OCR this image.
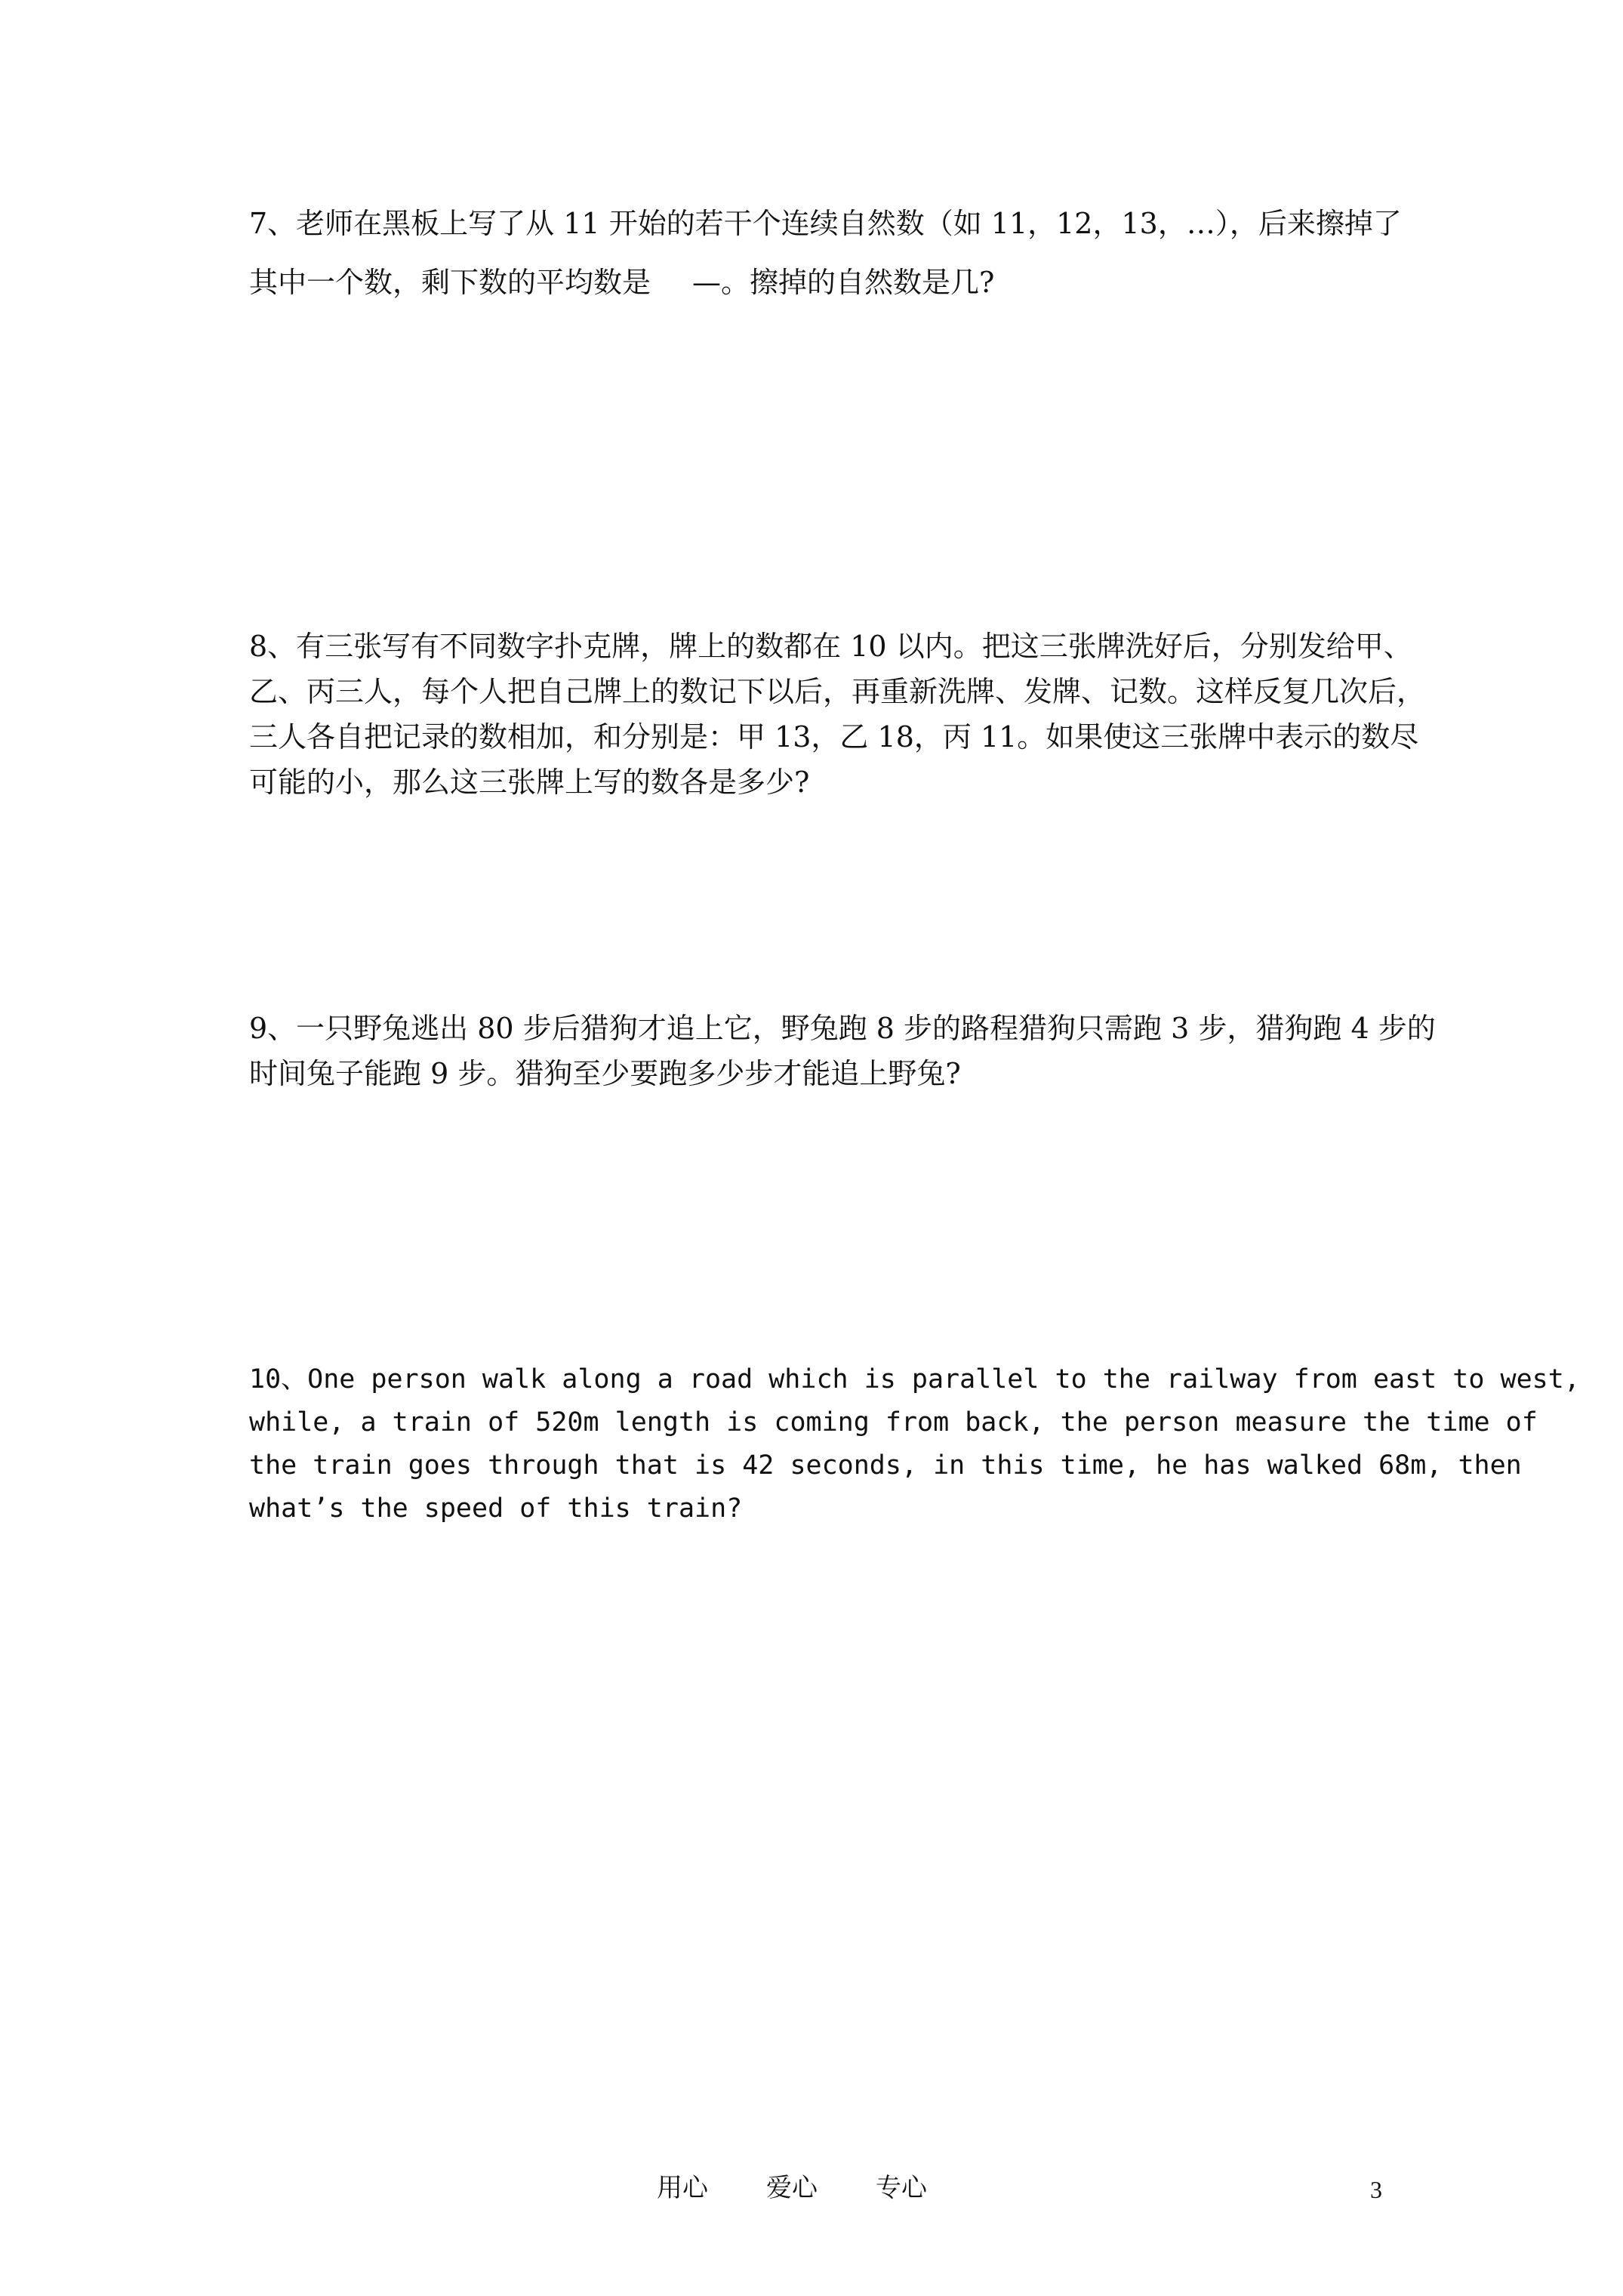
7、老师在黑板上写了从 11 开始的若干个连续自然数（如 11，12，13，…），后来擦掉了
其中一个数，剩下数的平均数是 —。擦掉的自然数是几?
8、有三张写有不同数字扑克牌，牌上的数都在 10 以内。把这三张牌洗好后，分别发给甲、
乙、丙三人，每个人把自己牌上的数记下以后，再重新洗牌、发牌、记数。这样反复几次后，
三人各自把记录的数相加，和分别是：甲 13，乙 18，丙 11。如果使这三张牌中表示的数尽
可能的小，那么这三张牌上写的数各是多少?
9、一只野兔逃出 80 步后猎狗才追上它，野兔跑 8 步的路程猎狗只需跑 3 步，猎狗跑 4 步的
时间兔子能跑 9 步。猎狗至少要跑多少步才能追上野兔?
10、One person walk along a road which is parallel to the railway from east to west,
while, a train of 520m length is coming from back, the person measure the time of
the train goes through that is 42 seconds, in this time, he has walked 68m, then
what’s the speed of this train?
用心 爱心 专心	3
